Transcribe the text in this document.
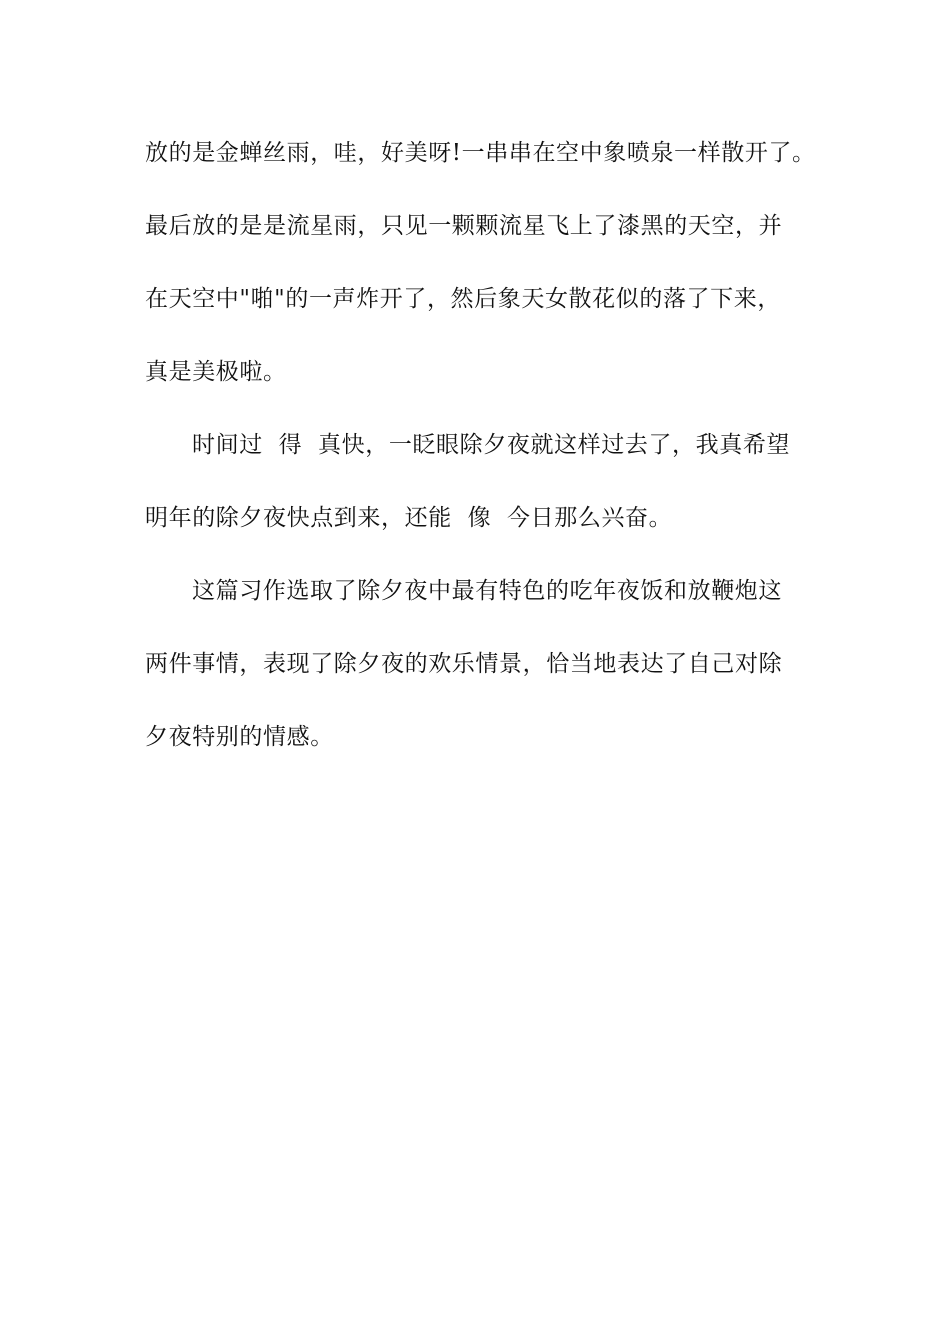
放的是金蝉丝雨，哇，好美呀!一串串在空中象喷泉一样散开了。
最后放的是是流星雨，只见一颗颗流星飞上了漆黑的天空，并
在天空中"啪"的一声炸开了，然后象天女散花似的落了下来，
真是美极啦。
时间过  得  真快，一眨眼除夕夜就这样过去了，我真希望
明年的除夕夜快点到来，还能  像  今日那么兴奋。
这篇习作选取了除夕夜中最有特色的吃年夜饭和放鞭炮这
两件事情，表现了除夕夜的欢乐情景，恰当地表达了自己对除
夕夜特别的情感。
